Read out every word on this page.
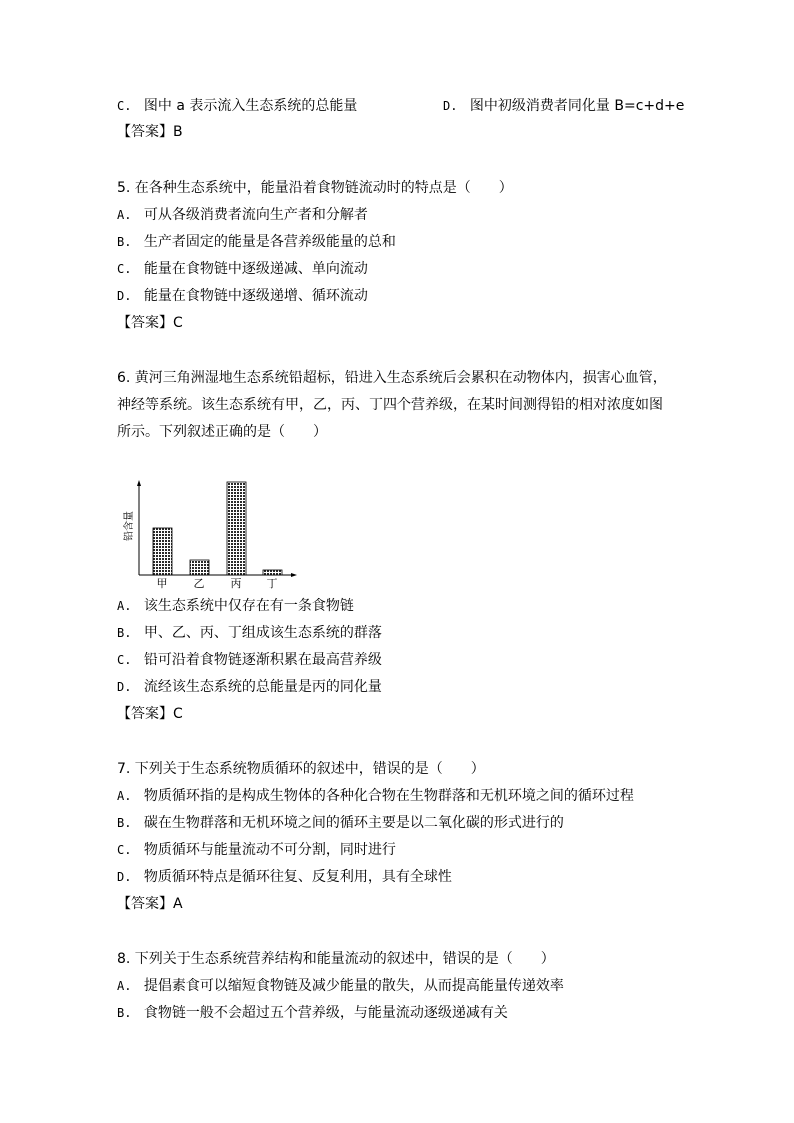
C. 图中 a 表示流入生态系统的总能量	D. 图中初级消费者同化量 B=c+d+e
【答案】B
5. 在各种生态系统中，能量沿着食物链流动时的特点是（　　）
A. 可从各级消费者流向生产者和分解者
B. 生产者固定的能量是各营养级能量的总和
C. 能量在食物链中逐级递减、单向流动
D. 能量在食物链中逐级递增、循环流动
【答案】C
6. 黄河三角洲湿地生态系统铅超标，铅进入生态系统后会累积在动物体内，损害心血管，
神经等系统。该生态系统有甲，乙，丙、丁四个营养级，在某时间测得铅的相对浓度如图
所示。下列叙述正确的是（　　）
甲 乙 丙 丁
铅含量
A. 该生态系统中仅存在有一条食物链
B. 甲、乙、丙、丁组成该生态系统的群落
C. 铅可沿着食物链逐渐积累在最高营养级
D. 流经该生态系统的总能量是丙的同化量
【答案】C
7. 下列关于生态系统物质循环的叙述中，错误的是（　　）
A. 物质循环指的是构成生物体的各种化合物在生物群落和无机环境之间的循环过程
B. 碳在生物群落和无机环境之间的循环主要是以二氧化碳的形式进行的
C. 物质循环与能量流动不可分割，同时进行
D. 物质循环特点是循环往复、反复利用，具有全球性
【答案】A
8. 下列关于生态系统营养结构和能量流动的叙述中，错误的是（　　）
A. 提倡素食可以缩短食物链及减少能量的散失，从而提高能量传递效率
B. 食物链一般不会超过五个营养级，与能量流动逐级递减有关
